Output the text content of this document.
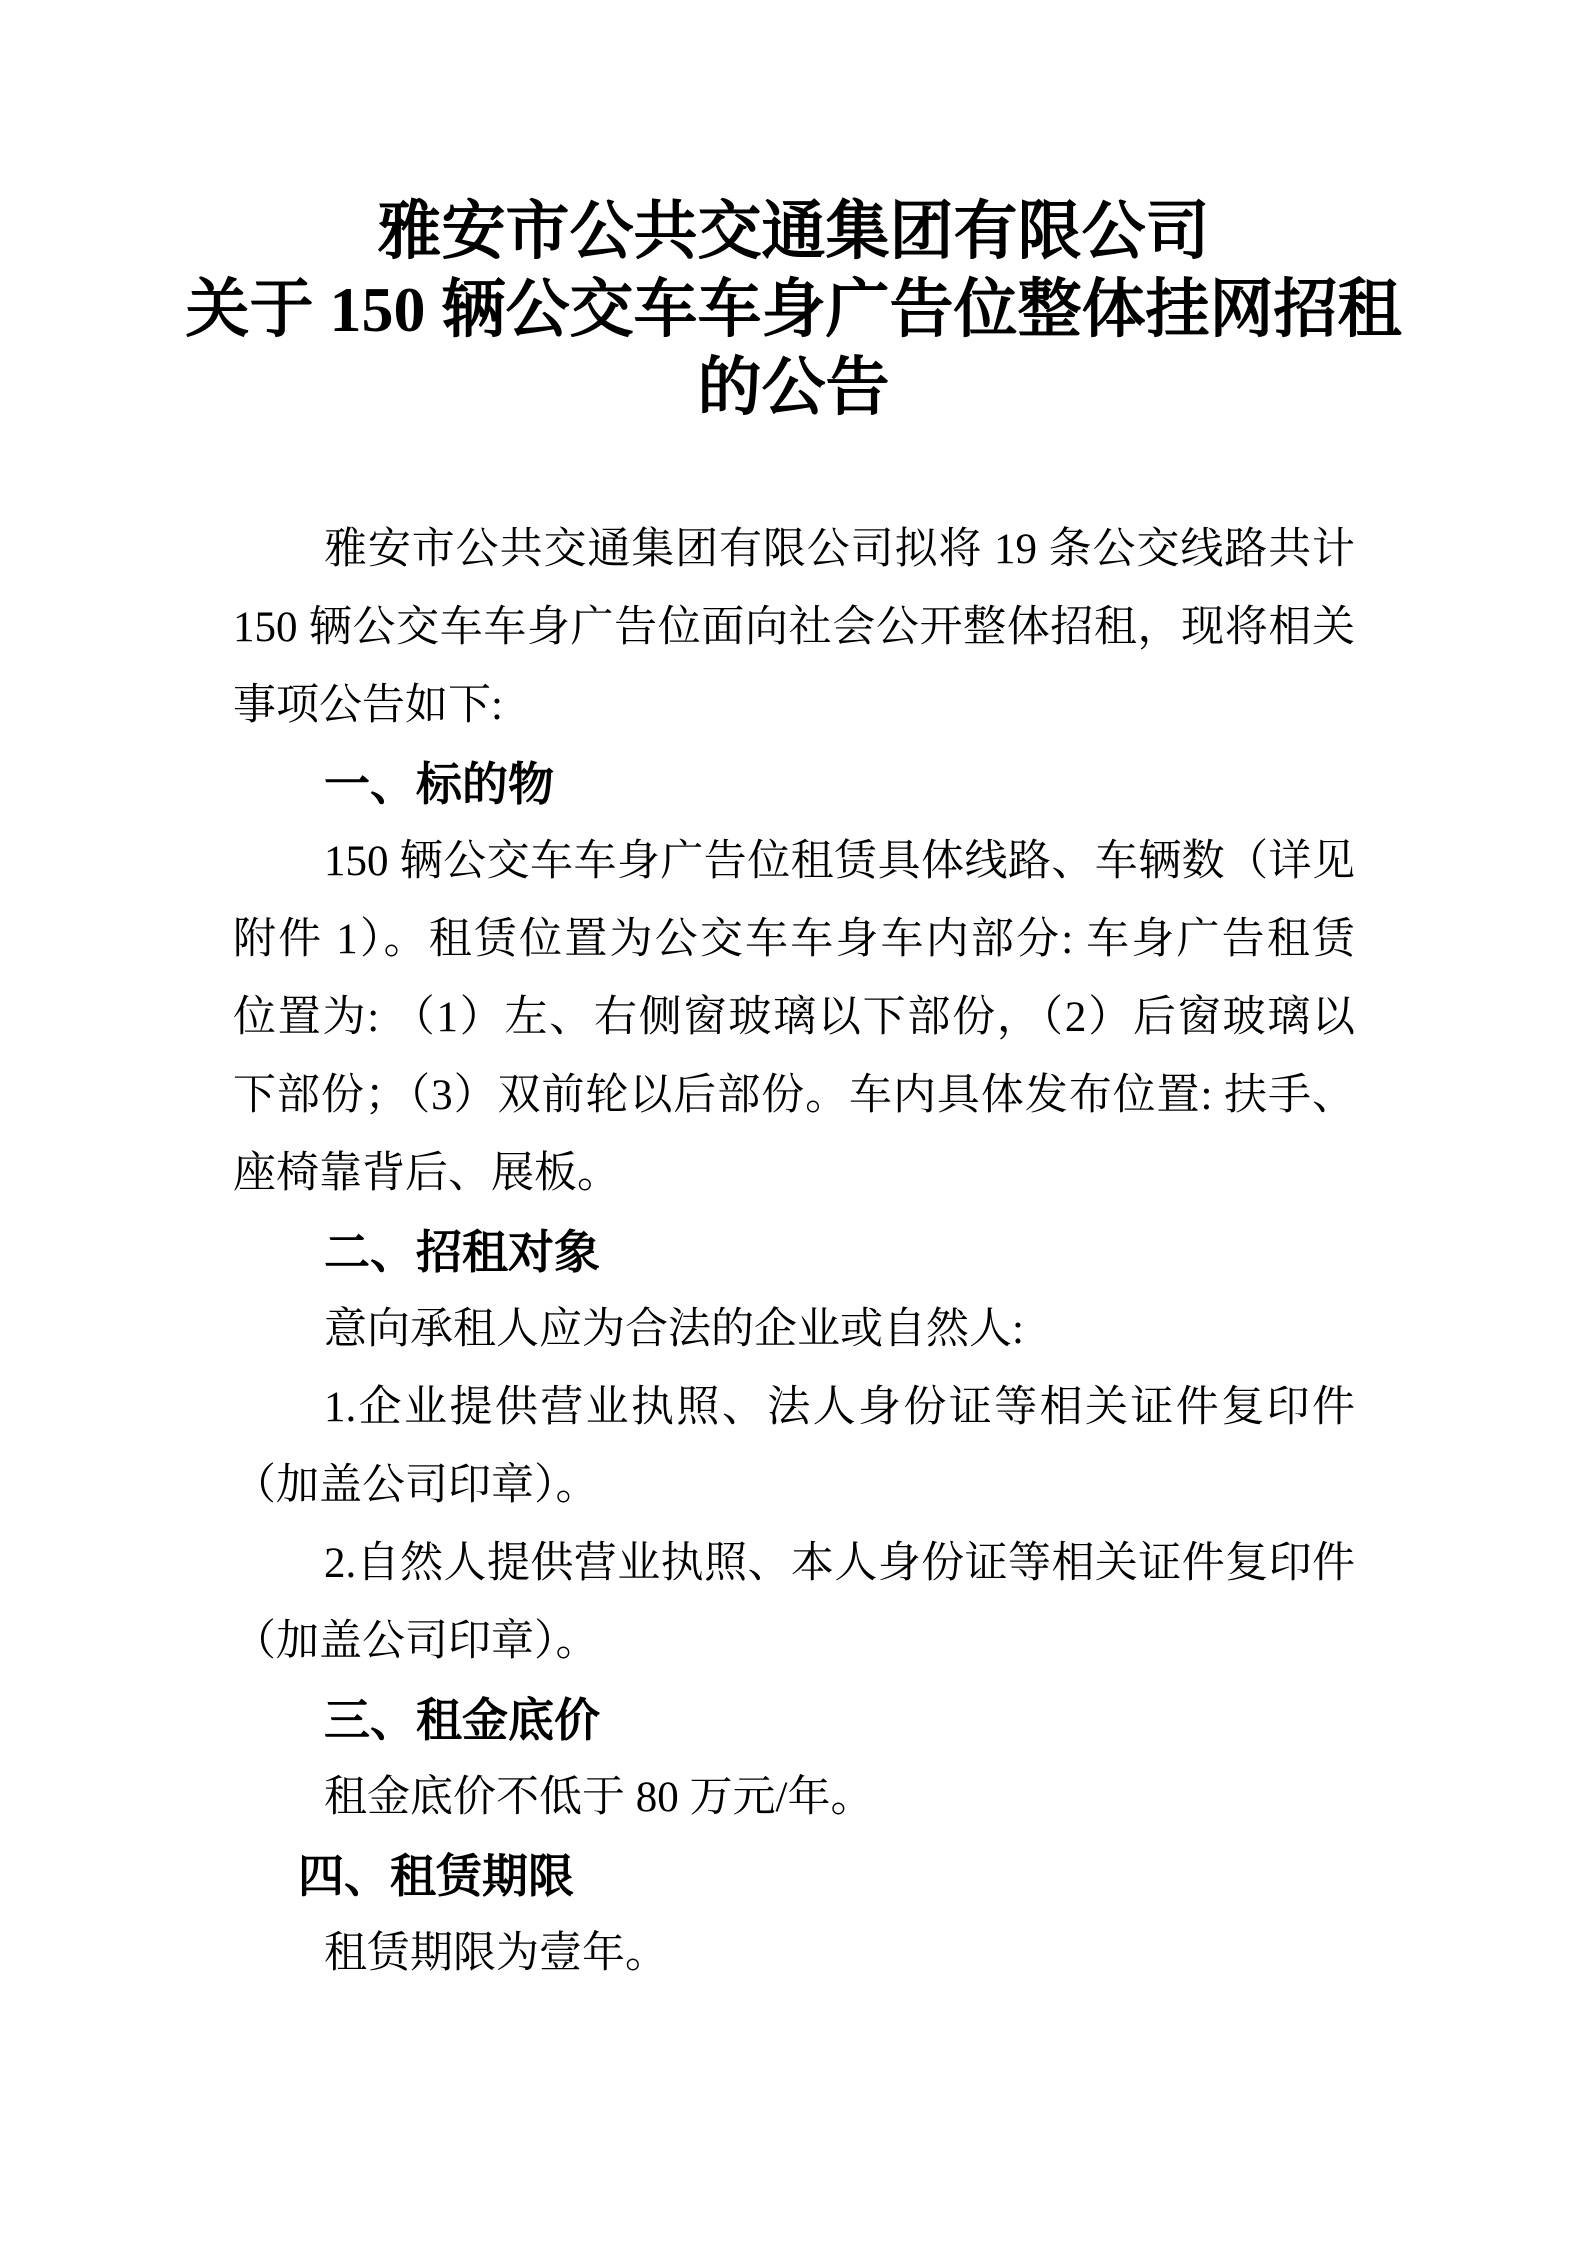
雅安市公共交通集团有限公司
关于 150 辆公交车车身广告位整体挂网招租
的公告
雅安市公共交通集团有限公司拟将 19 条公交线路共计
150 辆公交车车身广告位面向社会公开整体招租，现将相关
事项公告如下:
一、标的物
150 辆公交车车身广告位租赁具体线路、车辆数（详见
附件 1）。租赁位置为公交车车身车内部分: 车身广告租赁
位置为: （1）左、右侧窗玻璃以下部份，（2）后窗玻璃以
下部份；（3）双前轮以后部份。车内具体发布位置: 扶手、
座椅靠背后、展板。
二、招租对象
意向承租人应为合法的企业或自然人:
1.企业提供营业执照、法人身份证等相关证件复印件
（加盖公司印章）。
2.自然人提供营业执照、本人身份证等相关证件复印件
（加盖公司印章）。
三、租金底价
租金底价不低于 80 万元/年。
四、租赁期限
租赁期限为壹年。
